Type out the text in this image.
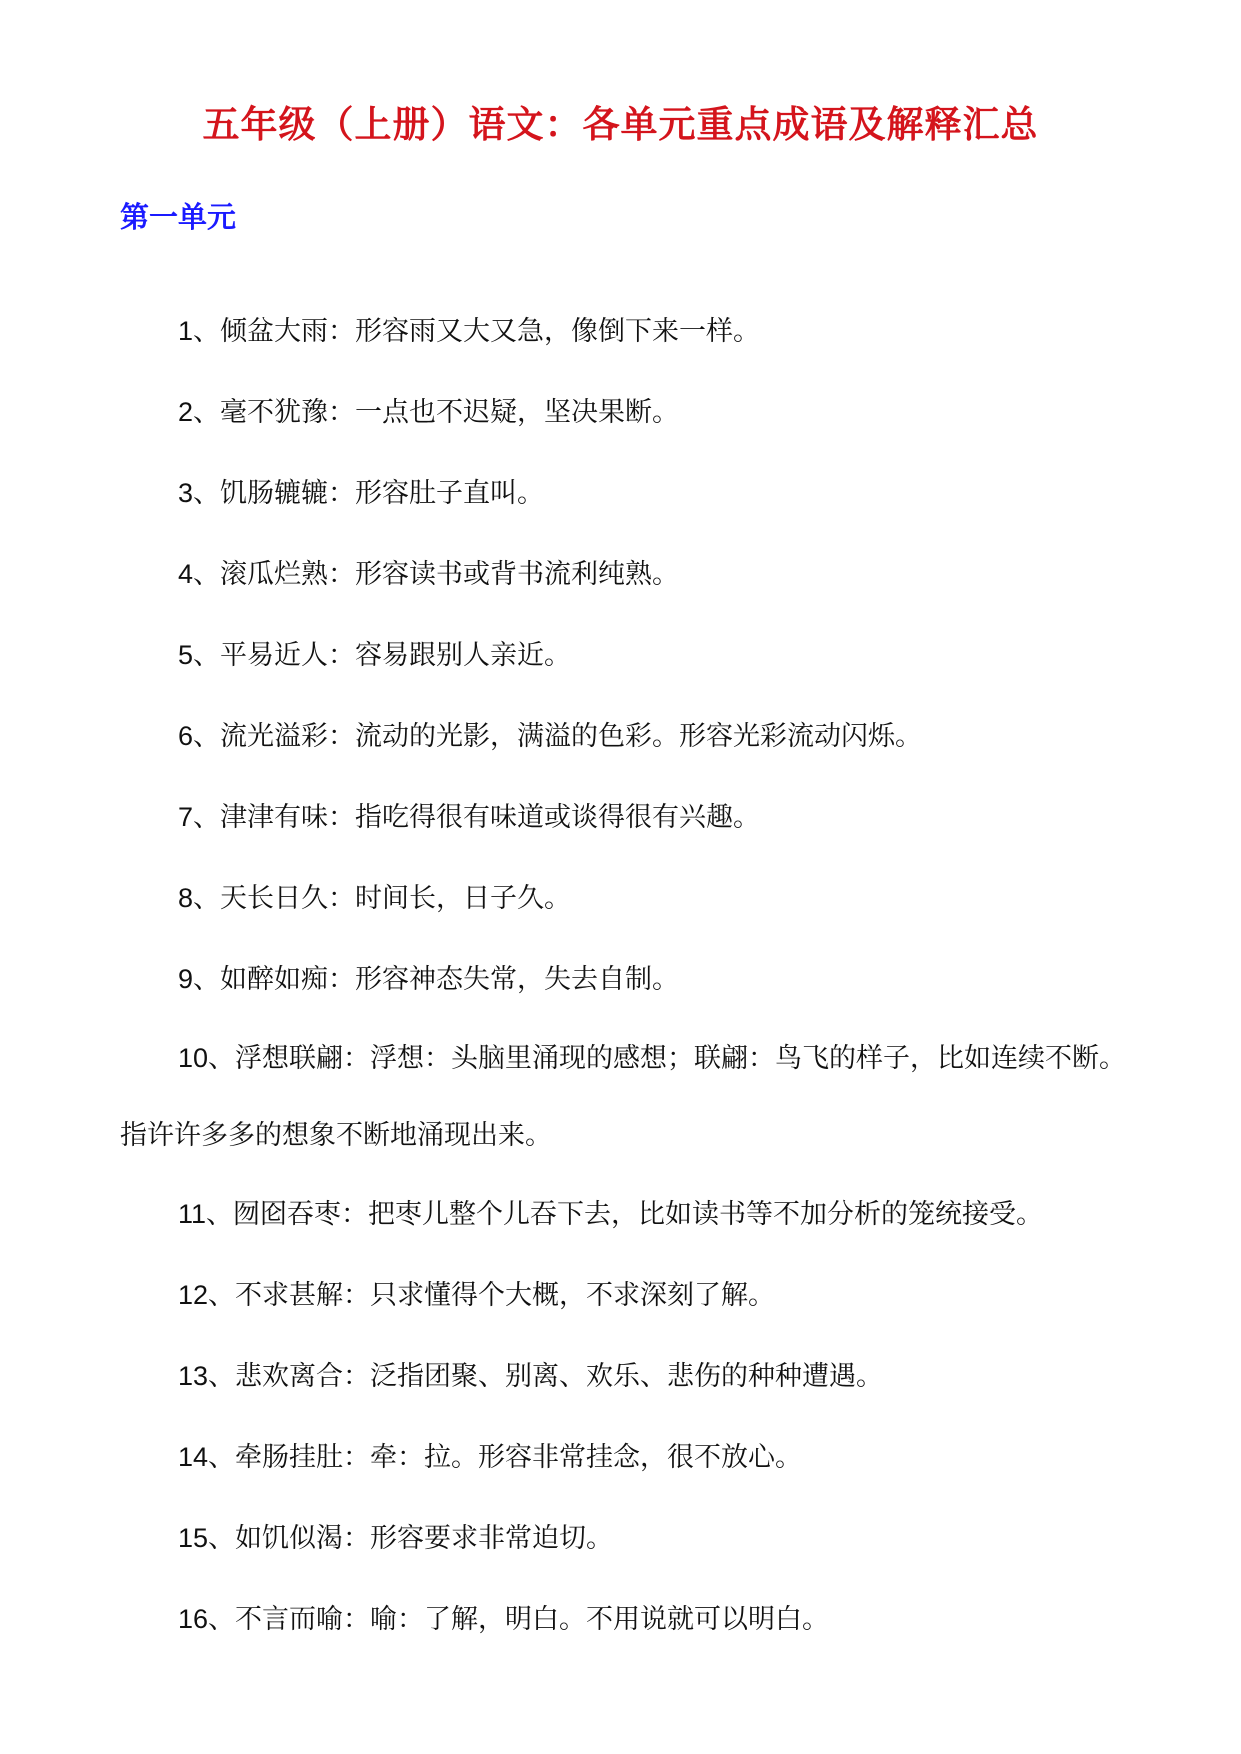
五年级（上册）语文：各单元重点成语及解释汇总
第一单元
1、倾盆大雨：形容雨又大又急，像倒下来一样。
2、毫不犹豫：一点也不迟疑，坚决果断。
3、饥肠辘辘：形容肚子直叫。
4、滚瓜烂熟：形容读书或背书流利纯熟。
5、平易近人：容易跟别人亲近。
6、流光溢彩：流动的光影，满溢的色彩。形容光彩流动闪烁。
7、津津有味：指吃得很有味道或谈得很有兴趣。
8、天长日久：时间长，日子久。
9、如醉如痴：形容神态失常，失去自制。
10、浮想联翩：浮想：头脑里涌现的感想；联翩：鸟飞的样子，比如连续不断。指许许多多的想象不断地涌现出来。
11、囫囵吞枣：把枣儿整个儿吞下去，比如读书等不加分析的笼统接受。
12、不求甚解：只求懂得个大概，不求深刻了解。
13、悲欢离合：泛指团聚、别离、欢乐、悲伤的种种遭遇。
14、牵肠挂肚：牵：拉。形容非常挂念，很不放心。
15、如饥似渴：形容要求非常迫切。
16、不言而喻：喻：了解，明白。不用说就可以明白。
